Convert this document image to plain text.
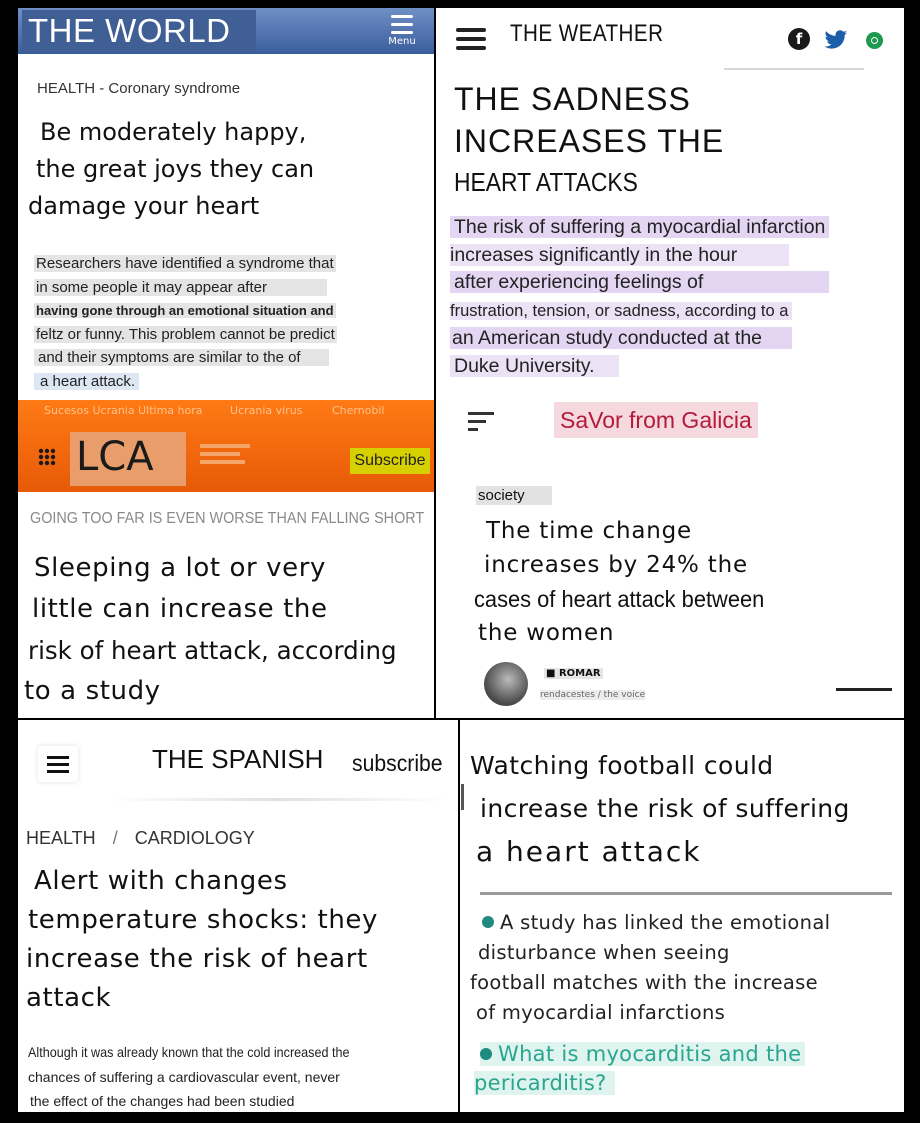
THE WORLD	Menu
HEALTH - Coronary syndrome
Be moderately happy,
the great joys they can
damage your heart
Researchers have identified a syndrome that
in some people it may appear after
having gone through an emotional situation and
feltz or funny. This problem cannot be predict
and their symptoms are similar to the of
a heart attack.
THE WEATHER	f
THE SADNESS
INCREASES THE
HEART ATTACKS
The risk of suffering a myocardial infarction
increases significantly in the hour
after experiencing feelings of
frustration, tension, or sadness, according to a
an American study conducted at the
Duke University.
Sucesos Ucrania Ultima hora	Ucrania virus	Chernobil
LCA	Subscribe
GOING TOO FAR IS EVEN WORSE THAN FALLING SHORT
Sleeping a lot or very
little can increase the
risk of heart attack, according
to a study
SaVor from Galicia
society
The time change
increases by 24% the
cases of heart attack between
the women
■ ROMAR
rendacestes / the voice
THE SPANISH subscribe
HEALTH / CARDIOLOGY
Alert with changes
temperature shocks: they
increase the risk of heart
attack
Although it was already known that the cold increased the
chances of suffering a cardiovascular event, never
the effect of the changes had been studied
Watching football could
increase the risk of suffering
a heart attack
A study has linked the emotional
disturbance when seeing
football matches with the increase
of myocardial infarctions
What is myocarditis and the
pericarditis?
